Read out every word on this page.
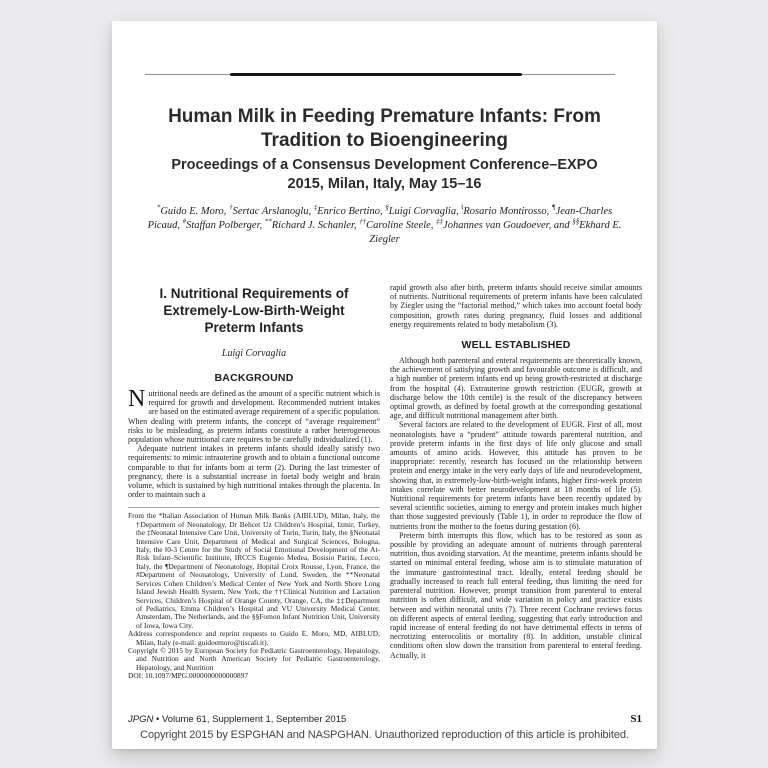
Human Milk in Feeding Premature Infants: From Tradition to Bioengineering
Proceedings of a Consensus Development Conference–EXPO 2015, Milan, Italy, May 15–16
*Guido E. Moro, †Sertac Arslanoglu, ‡Enrico Bertino, §Luigi Corvaglia, ‖Rosario Montirosso, ¶Jean-Charles Picaud, #Staffan Polberger, **Richard J. Schanler, ††Caroline Steele, ‡‡Johannes van Goudoever, and §§Ekhard E. Ziegler
I. Nutritional Requirements of Extremely-Low-Birth-Weight Preterm Infants
Luigi Corvaglia
BACKGROUND

Nutritional needs are defined as the amount of a specific nutrient which is required for growth and development. Recommended nutrient intakes are based on the estimated average requirement of a specific population. When dealing with preterm infants, the concept of “average requirement” risks to be misleading, as preterm infants constitute a rather heterogeneous population whose nutritional care requires to be carefully individualized (1).

Adequate nutrient intakes in preterm infants should ideally satisfy two requirements: to mimic intrauterine growth and to obtain a functional outcome comparable to that for infants born at term (2). During the last trimester of pregnancy, there is a substantial increase in foetal body weight and brain volume, which is sustained by high nutritional intakes through the placenta. In order to maintain such a

From the *Italian Association of Human Milk Banks (AIBLUD), Milan, Italy, the †Department of Neonatology, Dr Behcet Uz Children’s Hospital, Izmir, Turkey, the ‡Neonatal Intensive Care Unit, University of Turin, Turin, Italy, the §Neonatal Intensive Care Unit, Department of Medical and Surgical Sciences, Bologna, Italy, the ‖0-3 Centre for the Study of Social Emotional Development of the At-Risk Infant–Scientific Institute, IRCCS Eugenio Medea, Bosisio Parini, Lecco, Italy, the ¶Department of Neonatology, Hopital Croix Rousse, Lyon, France, the #Department of Neonatology, University of Lund, Sweden, the **Neonatal Services Cohen Children’s Medical Center of New York and North Shore Long Island Jewish Health System, New York, the ††Clinical Nutrition and Lactation Services, Children’s Hospital of Orange County, Orange, CA, the ‡‡Department of Pediatrics, Emma Children’s Hospital and VU University Medical Center, Amsterdam, The Netherlands, and the §§Fomon Infant Nutrition Unit, University of Iowa, Iowa City.
Address correspondence and reprint requests to Guido E. Moro, MD, AIBLUD, Milan, Italy (e-mail: guidoemoro@tiscali.it).
Copyright © 2015 by European Society for Pediatric Gastroenterology, Hepatology, and Nutrition and North American Society for Pediatric Gastroenterology, Hepatology, and Nutrition
DOI: 10.1097/MPG.0000000000000897

rapid growth also after birth, preterm infants should receive similar amounts of nutrients. Nutritional requirements of preterm infants have been calculated by Ziegler using the “factorial method,” which takes into account foetal body composition, growth rates during pregnancy, fluid losses and additional energy requirements related to body metabolism (3).

WELL ESTABLISHED

Although both parenteral and enteral requirements are theoretically known, the achievement of satisfying growth and favourable outcome is difficult, and a high number of preterm infants end up being growth-restricted at discharge from the hospital (4). Extrauterine growth restriction (EUGR, growth at discharge below the 10th centile) is the result of the discrepancy between optimal growth, as defined by foetal growth at the corresponding gestational age, and difficult nutritional management after birth.

Several factors are related to the development of EUGR. First of all, most neonatologists have a “prudent” attitude towards parenteral nutrition, and provide preterm infants in the first days of life only glucose and small amounts of amino acids. However, this attitude has proven to be inappropriate: recently, research has focused on the relationship between protein and energy intake in the very early days of life and neurodevelopment, showing that, in extremely-low-birth-weight infants, higher first-week protein intakes correlate with better neurodevelopment at 18 months of life (5). Nutritional requirements for preterm infants have been recently updated by several scientific societies, aiming to energy and protein intakes much higher than those suggested previously (Table 1), in order to reproduce the flow of nutrients from the mother to the foetus during gestation (6).

Preterm birth interrupts this flow, which has to be restored as soon as possible by providing an adequate amount of nutrients through parenteral nutrition, thus avoiding starvation. At the meantime, preterm infants should be started on minimal enteral feeding, whose aim is to stimulate maturation of the immature gastrointestinal tract. Ideally, enteral feeding should be gradually increased to reach full enteral feeding, thus limiting the need for parenteral nutrition. However, prompt transition from parenteral to enteral nutrition is often difficult, and wide variation in policy and practice exists between and within neonatal units (7). Three recent Cochrane reviews focus on different aspects of enteral feeding, suggesting that early introduction and rapid increase of enteral feeding do not have detrimental effects in terms of necrotizing enterocolitis or mortality (8). In addition, unstable clinical conditions often slow down the transition from parenteral to enteral feeding. Actually, it

JPGN • Volume 61, Supplement 1, September 2015	S1
Copyright 2015 by ESPGHAN and NASPGHAN. Unauthorized reproduction of this article is prohibited.
